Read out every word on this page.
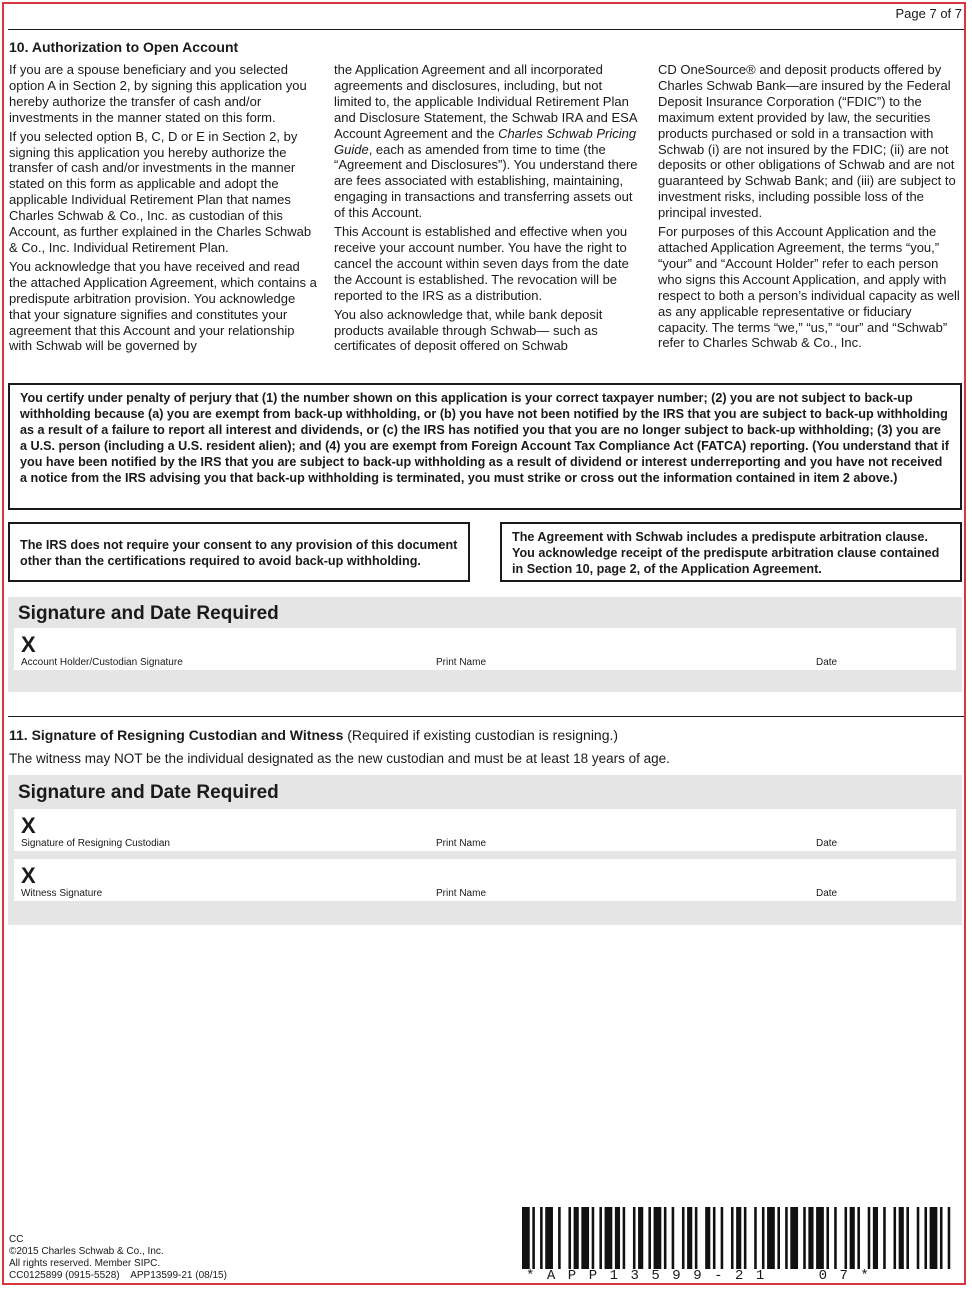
Page 7 of 7
10. Authorization to Open Account

If you are a spouse beneficiary and you selected option A in Section 2, by signing this application you hereby authorize the transfer of cash and/or investments in the manner stated on this form.

If you selected option B, C, D or E in Section 2, by signing this application you hereby authorize the transfer of cash and/or investments in the manner stated on this form as applicable and adopt the applicable Individual Retirement Plan that names Charles Schwab & Co., Inc. as custodian of this Account, as further explained in the Charles Schwab & Co., Inc. Individual Retirement Plan.

You acknowledge that you have received and read the attached Application Agreement, which contains a predispute arbitration provision. You acknowledge that your signature signifies and constitutes your agreement that this Account and your relationship with Schwab will be governed by

the Application Agreement and all incorporated agreements and disclosures, including, but not limited to, the applicable Individual Retirement Plan and Disclosure Statement, the Schwab IRA and ESA Account Agreement and the Charles Schwab Pricing Guide, each as amended from time to time (the “Agreement and Disclosures”). You understand there are fees associated with establishing, maintaining, engaging in transactions and transferring assets out of this Account.

This Account is established and effective when you receive your account number. You have the right to cancel the account within seven days from the date the Account is established. The revocation will be reported to the IRS as a distribution.

You also acknowledge that, while bank deposit products available through Schwab— such as certificates of deposit offered on Schwab

CD OneSource® and deposit products offered by Charles Schwab Bank—are insured by the Federal Deposit Insurance Corporation (“FDIC”) to the maximum extent provided by law, the securities products purchased or sold in a transaction with Schwab (i) are not insured by the FDIC; (ii) are not deposits or other obligations of Schwab and are not guaranteed by Schwab Bank; and (iii) are subject to investment risks, including possible loss of the principal invested.

For purposes of this Account Application and the attached Application Agreement, the terms “you,” “your” and “Account Holder” refer to each person who signs this Account Application, and apply with respect to both a person’s individual capacity as well as any applicable representative or fiduciary capacity. The terms “we,” “us,” “our” and “Schwab” refer to Charles Schwab & Co., Inc.

You certify under penalty of perjury that (1) the number shown on this application is your correct taxpayer number; (2) you are not subject to back-up withholding because (a) you are exempt from back-up withholding, or (b) you have not been notified by the IRS that you are subject to back-up withholding as a result of a failure to report all interest and dividends, or (c) the IRS has notified you that you are no longer subject to back-up withholding; (3) you are a U.S. person (including a U.S. resident alien); and (4) you are exempt from Foreign Account Tax Compliance Act (FATCA) reporting. (You understand that if you have been notified by the IRS that you are subject to back-up withholding as a result of dividend or interest underreporting and you have not received a notice from the IRS advising you that back-up withholding is terminated, you must strike or cross out the information contained in item 2 above.)
The IRS does not require your consent to any provision of this document other than the certifications required to avoid back-up withholding.
The Agreement with Schwab includes a predispute arbitration clause. You acknowledge receipt of the predispute arbitration clause contained in Section 10, page 2, of the Application Agreement.
Signature and Date Required
X
Account Holder/Custodian Signature	Print Name	Date
11. Signature of Resigning Custodian and Witness (Required if existing custodian is resigning.)
The witness may NOT be the individual designated as the new custodian and must be at least 18 years of age.
Signature and Date Required
X
Signature of Resigning Custodian	Print Name	Date
X
Witness Signature	Print Name	Date
CC
©2015 Charles Schwab & Co., Inc.
All rights reserved. Member SIPC.
CC0125899 (0915-5528)    APP13599-21 (08/15)	*APP13599-21  07*
